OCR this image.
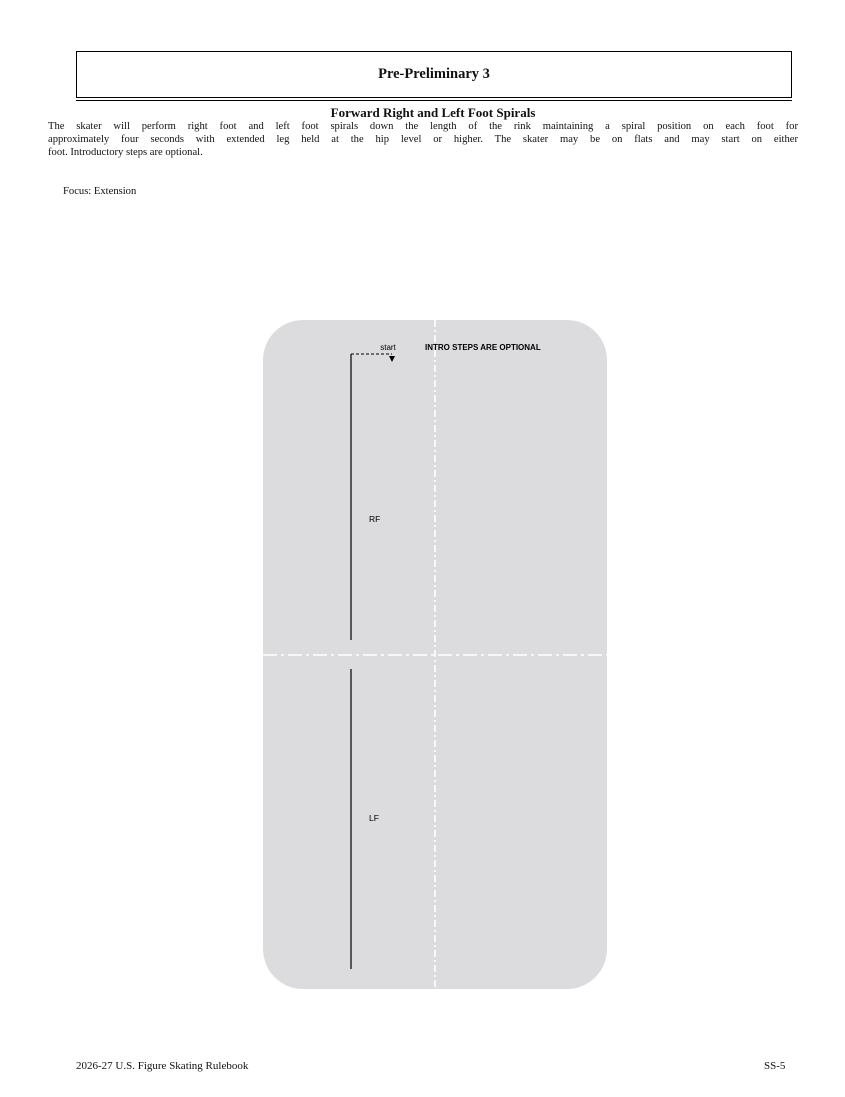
Pre-Preliminary 3
Forward Right and Left Foot Spirals
The skater will perform right foot and left foot spirals down the length of the rink maintaining a spiral position on each foot for
approximately four seconds with extended leg held at the hip level or higher. The skater may be on flats and may start on either
foot. Introductory steps are optional.
Focus: Extension
start	INTRO STEPS ARE OPTIONAL
RF
LF
2026-27 U.S. Figure Skating Rulebook	SS-5
